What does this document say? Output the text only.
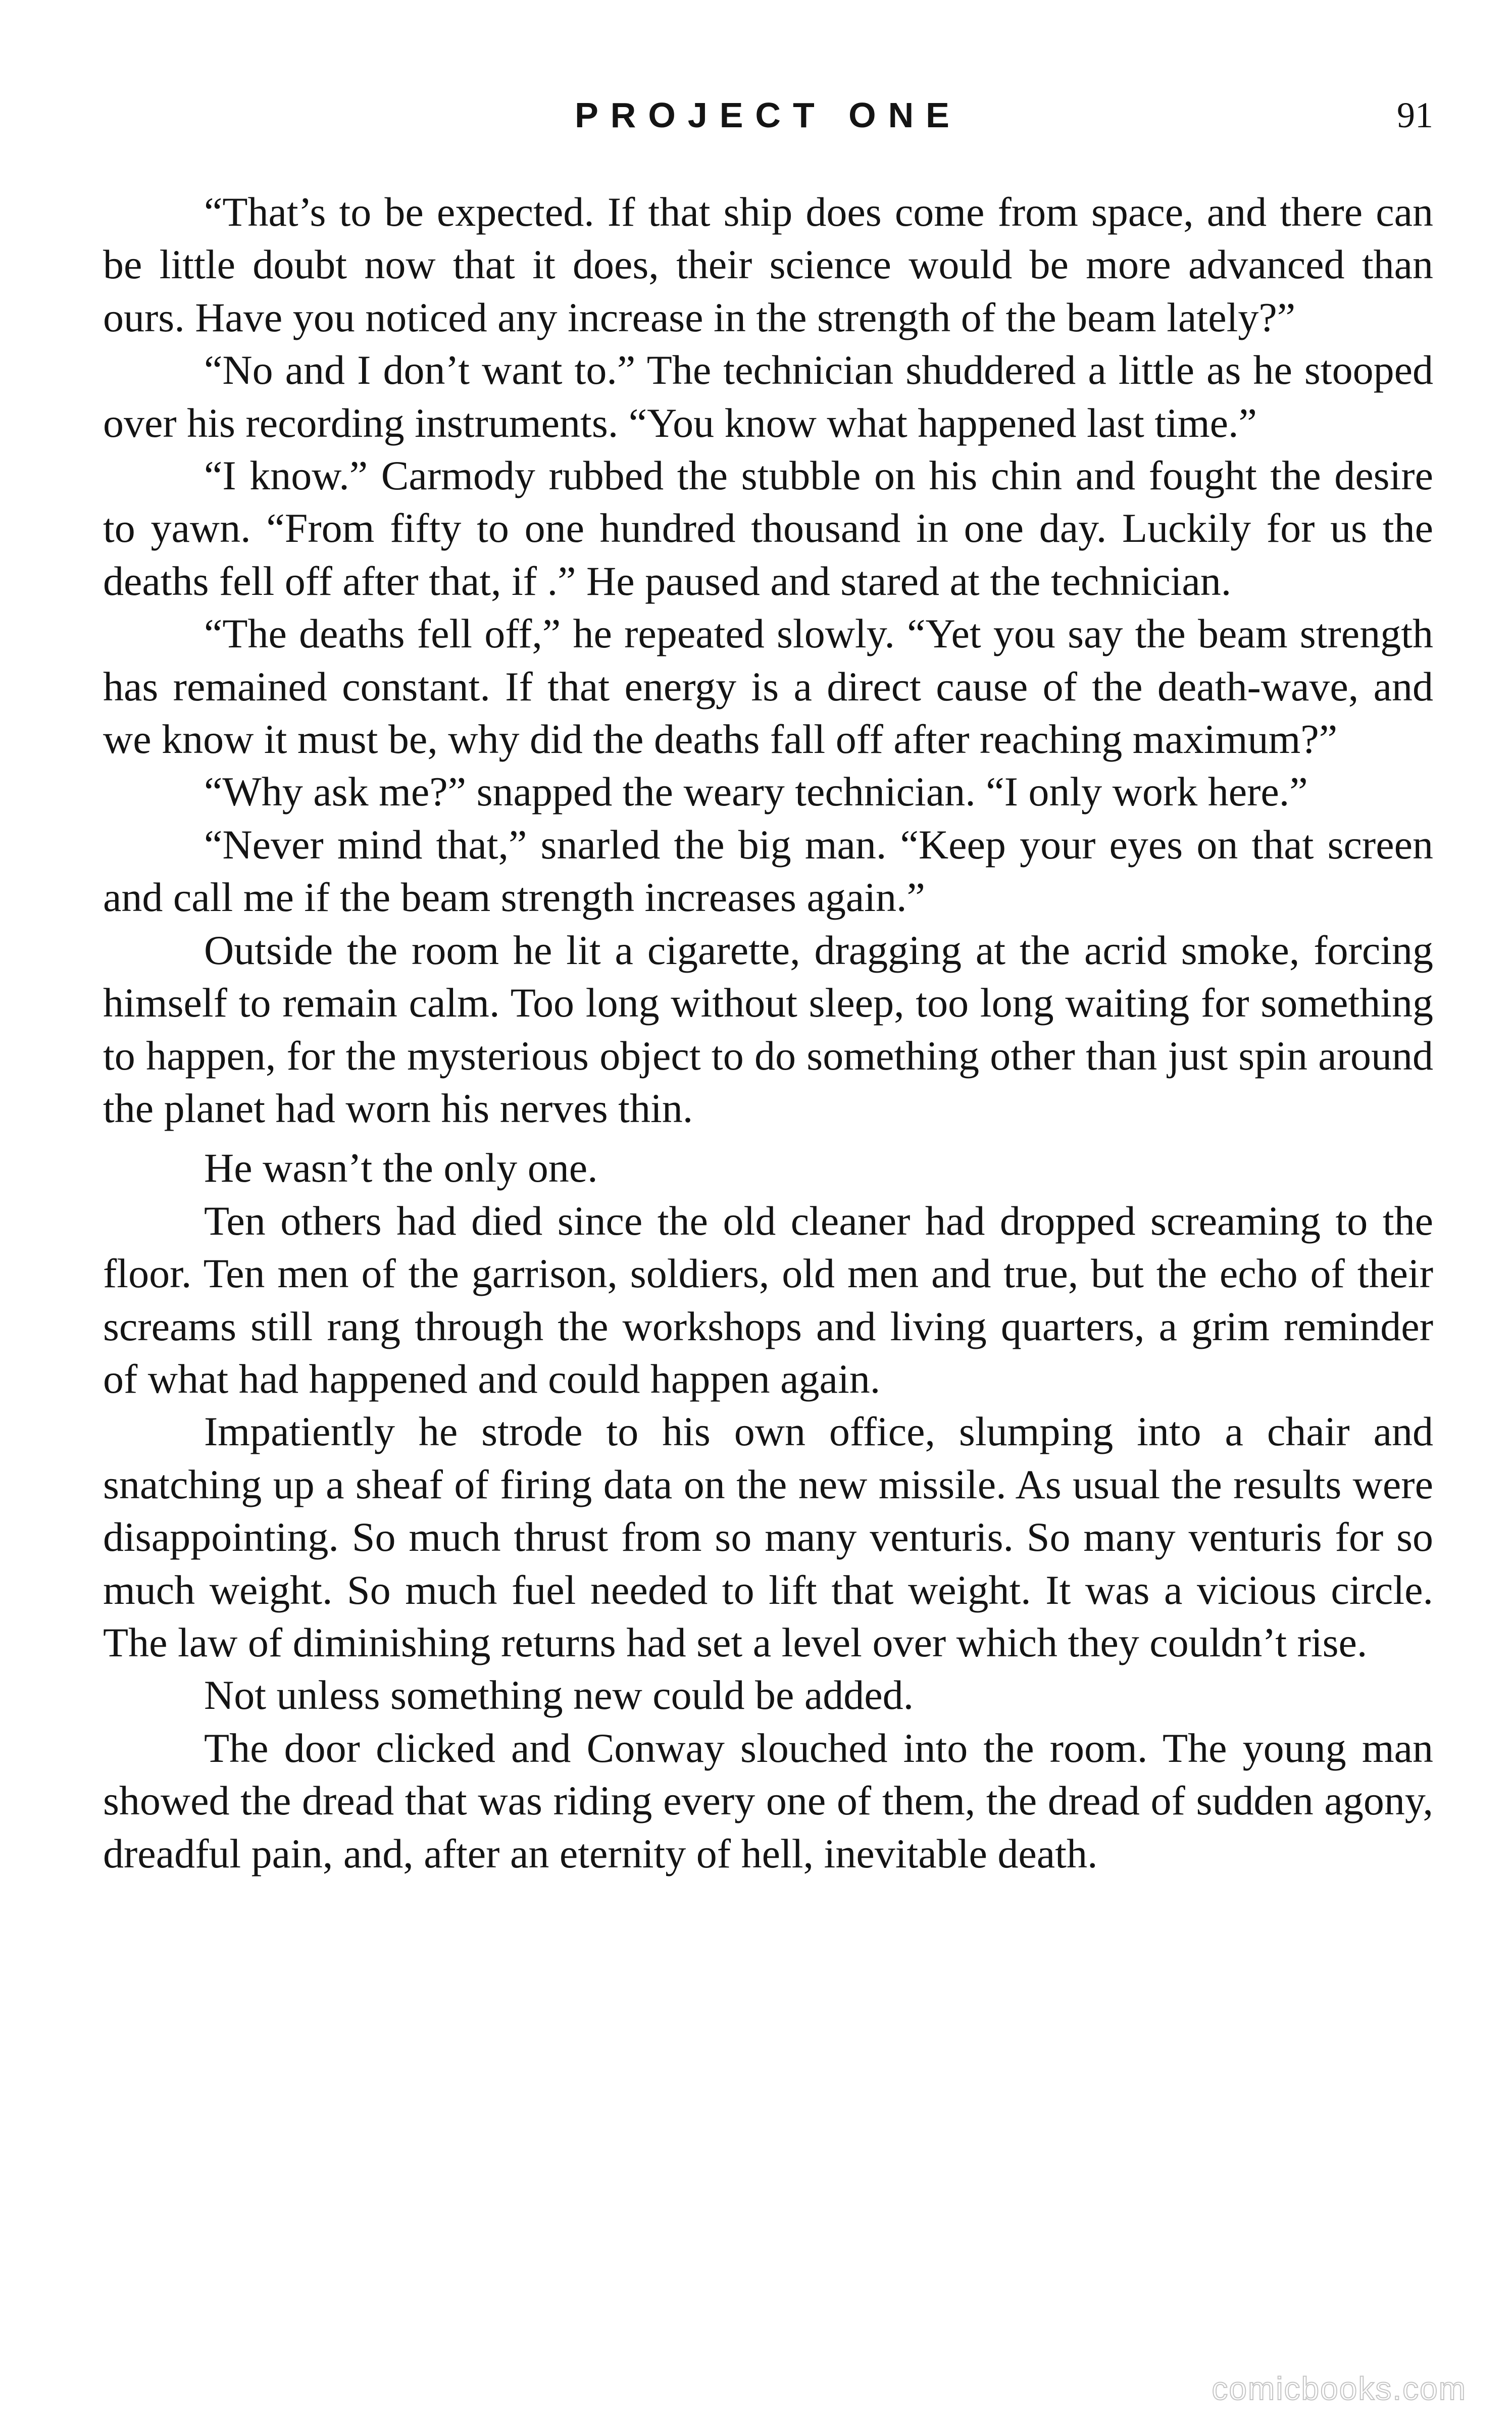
PROJECT ONE	91

“That’s to be expected. If that ship does come from space, and there can be little doubt now that it does, their science would be more advanced than ours. Have you noticed any increase in the strength of the beam lately?”

“No and I don’t want to.” The technician shuddered a little as he stooped over his recording instruments. “You know what happened last time.”

“I know.” Carmody rubbed the stubble on his chin and fought the desire to yawn. “From fifty to one hundred thousand in one day. Luckily for us the deaths fell off after that, if .” He paused and stared at the technician.

“The deaths fell off,” he repeated slowly. “Yet you say the beam strength has remained constant. If that energy is a direct cause of the death-wave, and we know it must be, why did the deaths fall off after reaching maximum?”

“Why ask me?” snapped the weary technician. “I only work here.”

“Never mind that,” snarled the big man. “Keep your eyes on that screen and call me if the beam strength increases again.”

Outside the room he lit a cigarette, dragging at the acrid smoke, forcing himself to remain calm. Too long without sleep, too long waiting for something to happen, for the mysterious object to do something other than just spin around the planet had worn his nerves thin.

He wasn’t the only one.

Ten others had died since the old cleaner had dropped screaming to the floor. Ten men of the garrison, soldiers, old men and true, but the echo of their screams still rang through the workshops and living quarters, a grim reminder of what had happened and could happen again.

Impatiently he strode to his own office, slumping into a chair and snatching up a sheaf of firing data on the new missile. As usual the results were disappointing. So much thrust from so many venturis. So many venturis for so much weight. So much fuel needed to lift that weight. It was a vicious circle. The law of diminishing returns had set a level over which they couldn’t rise.

Not unless something new could be added.

The door clicked and Conway slouched into the room. The young man showed the dread that was riding every one of them, the dread of sudden agony, dreadful pain, and, after an eternity of hell, inevitable death.

comicbooks.com
